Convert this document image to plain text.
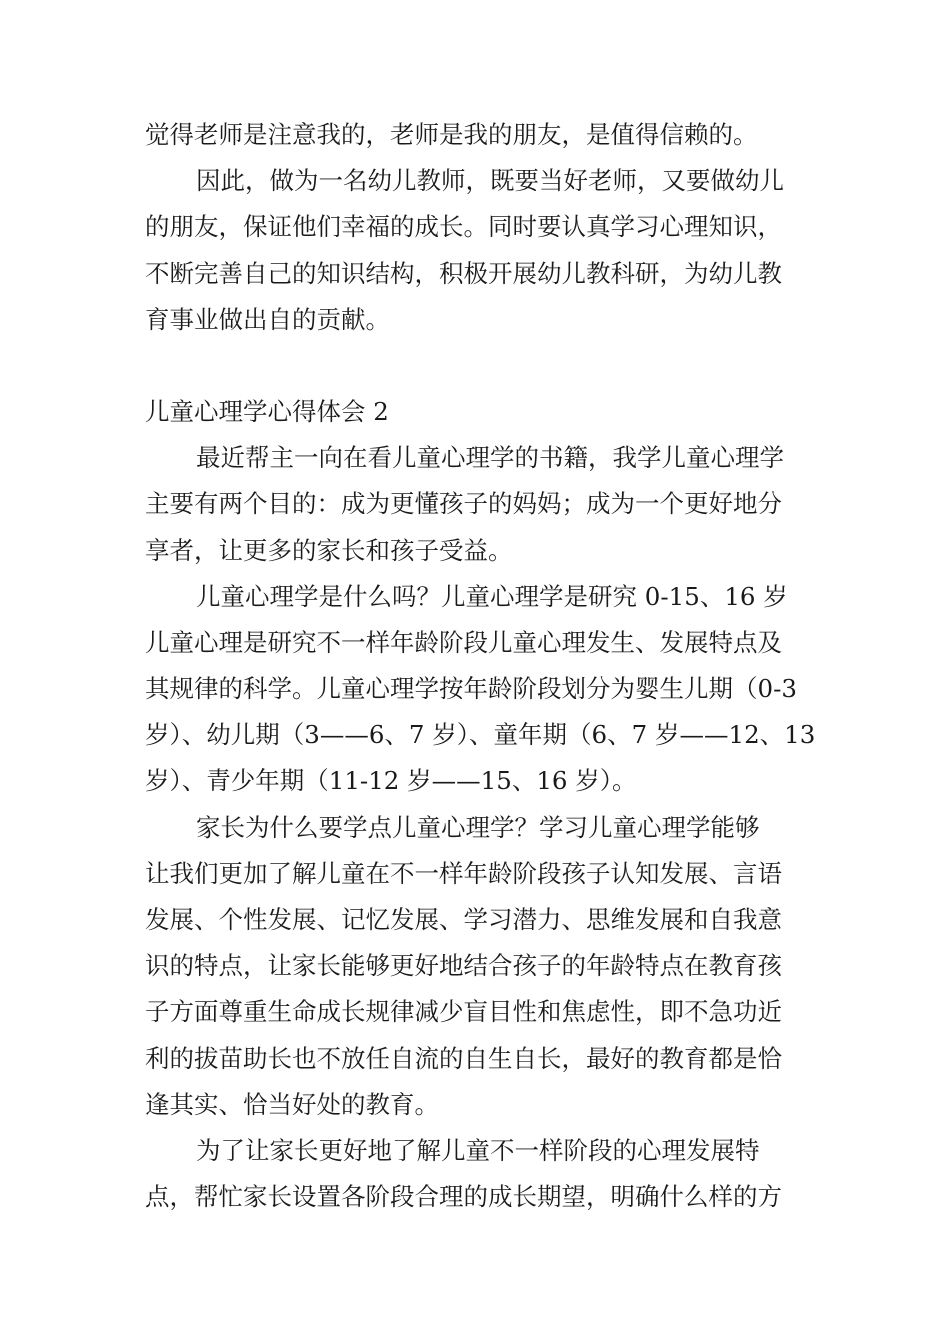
觉得老师是注意我的，老师是我的朋友，是值得信赖的。
因此，做为一名幼儿教师，既要当好老师，又要做幼儿
的朋友，保证他们幸福的成长。同时要认真学习心理知识，
不断完善自己的知识结构，积极开展幼儿教科研，为幼儿教
育事业做出自的贡献。
儿童心理学心得体会 2
最近帮主一向在看儿童心理学的书籍，我学儿童心理学
主要有两个目的：成为更懂孩子的妈妈；成为一个更好地分
享者，让更多的家长和孩子受益。
儿童心理学是什么吗？儿童心理学是研究 0-15、16 岁
儿童心理是研究不一样年龄阶段儿童心理发生、发展特点及
其规律的科学。儿童心理学按年龄阶段划分为婴生儿期（0-3
岁）、幼儿期（3——6、7 岁）、童年期（6、7 岁——12、13
岁）、青少年期（11-12 岁——15、16 岁）。
家长为什么要学点儿童心理学？学习儿童心理学能够
让我们更加了解儿童在不一样年龄阶段孩子认知发展、言语
发展、个性发展、记忆发展、学习潜力、思维发展和自我意
识的特点，让家长能够更好地结合孩子的年龄特点在教育孩
子方面尊重生命成长规律减少盲目性和焦虑性，即不急功近
利的拔苗助长也不放任自流的自生自长，最好的教育都是恰
逢其实、恰当好处的教育。
为了让家长更好地了解儿童不一样阶段的心理发展特
点，帮忙家长设置各阶段合理的成长期望，明确什么样的方
